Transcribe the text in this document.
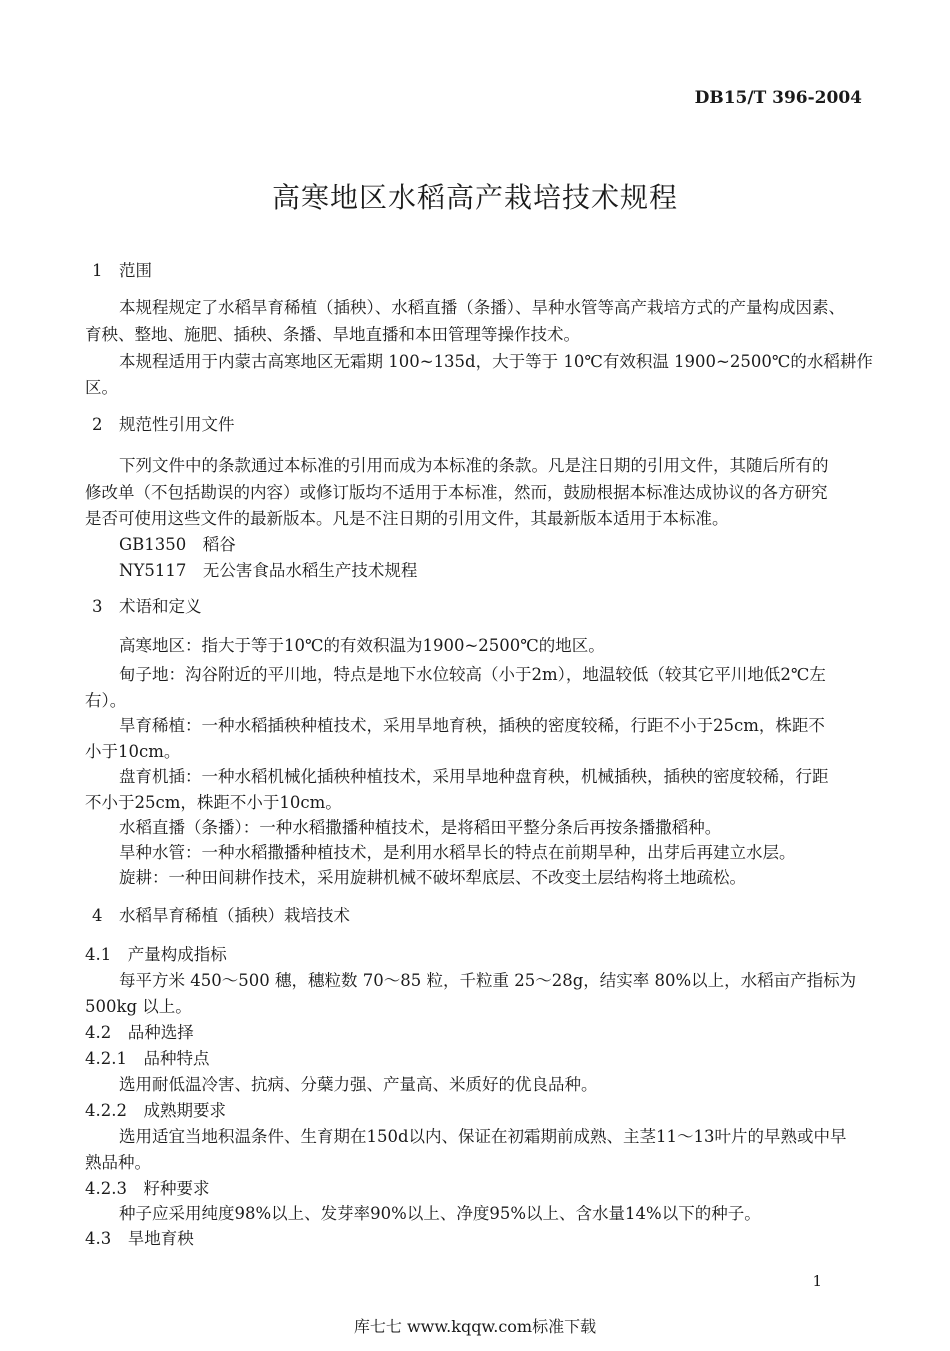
DB15/T 396-2004
高寒地区水稻高产栽培技术规程
1　范围
本规程规定了水稻旱育稀植（插秧）、水稻直播（条播）、旱种水管等高产栽培方式的产量构成因素、
育秧、整地、施肥、插秧、条播、旱地直播和本田管理等操作技术。
本规程适用于内蒙古高寒地区无霜期 100~135d，大于等于 10℃有效积温 1900~2500℃的水稻耕作
区。
2　规范性引用文件
下列文件中的条款通过本标准的引用而成为本标准的条款。凡是注日期的引用文件，其随后所有的
修改单（不包括勘误的内容）或修订版均不适用于本标准，然而，鼓励根据本标准达成协议的各方研究
是否可使用这些文件的最新版本。凡是不注日期的引用文件，其最新版本适用于本标准。
GB1350　稻谷
NY5117　无公害食品水稻生产技术规程
3　术语和定义
高寒地区：指大于等于10℃的有效积温为1900~2500℃的地区。
甸子地：沟谷附近的平川地，特点是地下水位较高（小于2m），地温较低（较其它平川地低2℃左
右）。
旱育稀植：一种水稻插秧种植技术，采用旱地育秧，插秧的密度较稀，行距不小于25cm，株距不
小于10cm。
盘育机插：一种水稻机械化插秧种植技术，采用旱地种盘育秧，机械插秧，插秧的密度较稀，行距
不小于25cm，株距不小于10cm。
水稻直播（条播）：一种水稻撒播种植技术，是将稻田平整分条后再按条播撒稻种。
旱种水管：一种水稻撒播种植技术，是利用水稻旱长的特点在前期旱种，出芽后再建立水层。
旋耕：一种田间耕作技术，采用旋耕机械不破坏犁底层、不改变土层结构将土地疏松。
4　水稻旱育稀植（插秧）栽培技术
4.1　产量构成指标
每平方米 450～500 穗，穗粒数 70～85 粒，千粒重 25～28g，结实率 80%以上，水稻亩产指标为
500kg 以上。
4.2　品种选择
4.2.1　品种特点
选用耐低温冷害、抗病、分蘖力强、产量高、米质好的优良品种。
4.2.2　成熟期要求
选用适宜当地积温条件、生育期在150d以内、保证在初霜期前成熟、主茎11～13叶片的早熟或中早
熟品种。
4.2.3　籽种要求
种子应采用纯度98%以上、发芽率90%以上、净度95%以上、含水量14%以下的种子。
4.3　旱地育秧
1
库七七 www.kqqw.com标准下载
